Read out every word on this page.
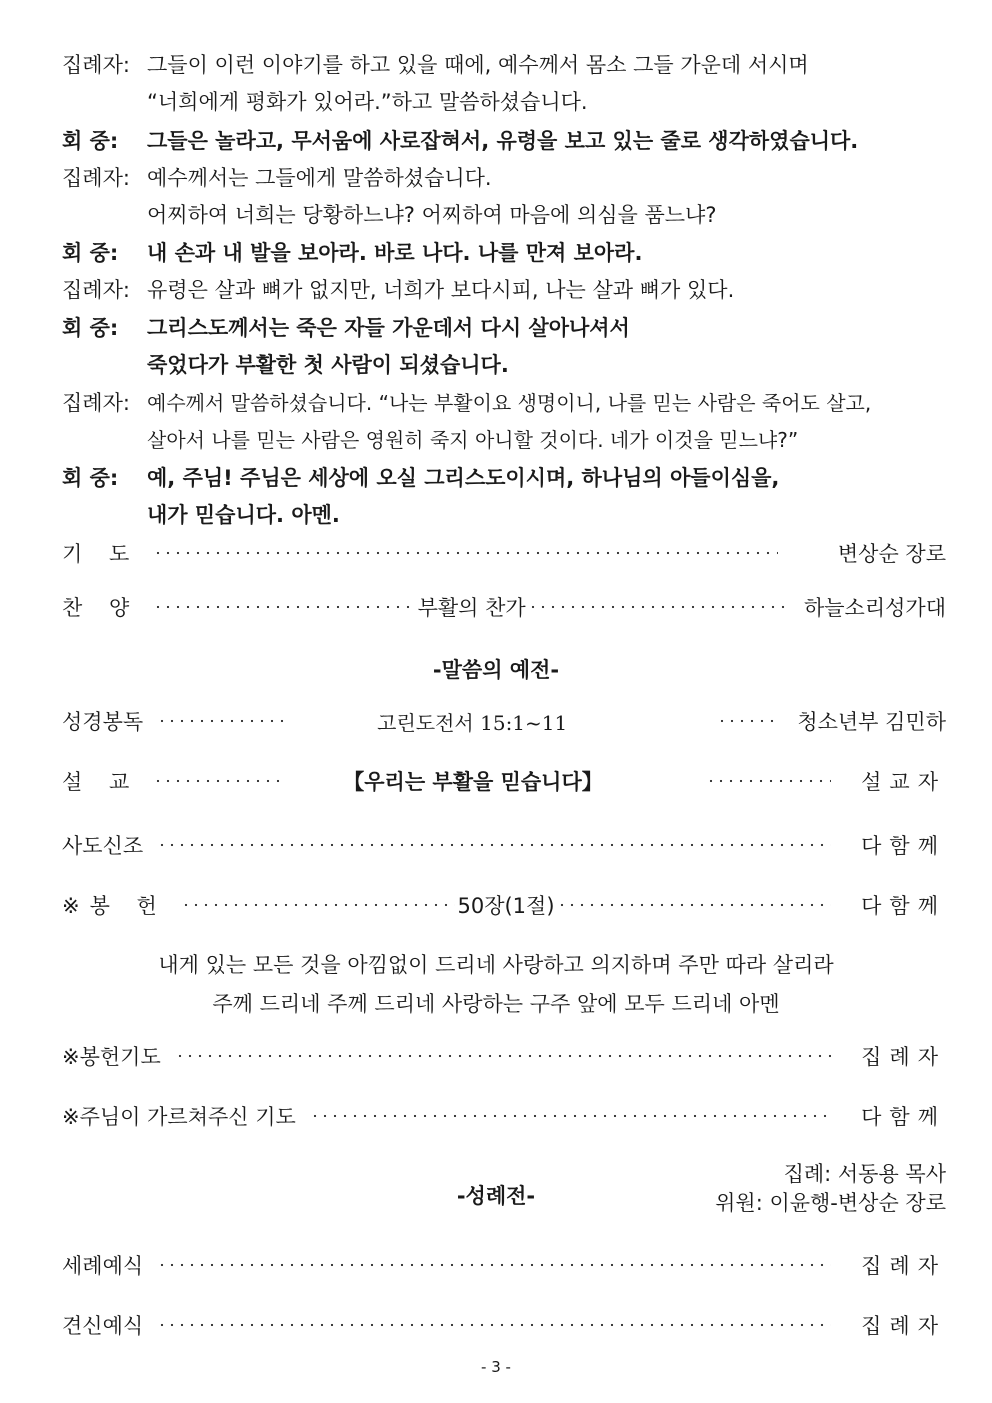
집례자: 그들이 이런 이야기를 하고 있을 때에, 예수께서 몸소 그들 가운데 서시며
“너희에게 평화가 있어라.”하고 말씀하셨습니다.
회 중: 그들은 놀라고, 무서움에 사로잡혀서, 유령을 보고 있는 줄로 생각하였습니다.
집례자: 예수께서는 그들에게 말씀하셨습니다.
어찌하여 너희는 당황하느냐? 어찌하여 마음에 의심을 품느냐?
회 중: 내 손과 내 발을 보아라. 바로 나다. 나를 만져 보아라.
집례자: 유령은 살과 뼈가 없지만, 너희가 보다시피, 나는 살과 뼈가 있다.
회 중: 그리스도께서는 죽은 자들 가운데서 다시 살아나셔서
죽었다가 부활한 첫 사람이 되셨습니다.
집례자: 예수께서 말씀하셨습니다. “나는 부활이요 생명이니, 나를 믿는 사람은 죽어도 살고,
살아서 나를 믿는 사람은 영원히 죽지 아니할 것이다. 네가 이것을 믿느냐?”
회 중: 예, 주님! 주님은 세상에 오실 그리스도이시며, 하나님의 아들이심을,
내가 믿습니다. 아멘.
기 도	변상순 장로
찬 양	부활의 찬가	하늘소리성가대
-말씀의 예전-
성경봉독	고린도전서 15:1~11	청소년부 김민하
설 교	【우리는 부활을 믿습니다】	설교자
사도신조	다함께
※봉 헌	50장(1절)	다함께
내게 있는 모든 것을 아낌없이 드리네 사랑하고 의지하며 주만 따라 살리라
주께 드리네 주께 드리네 사랑하는 구주 앞에 모두 드리네 아멘
※봉헌기도	집례자
※주님이 가르쳐주신 기도	다함께
-성례전-
집례: 서동용 목사
위원: 이윤행-변상순 장로
세례예식	집례자
견신예식	집례자
- 3 -
